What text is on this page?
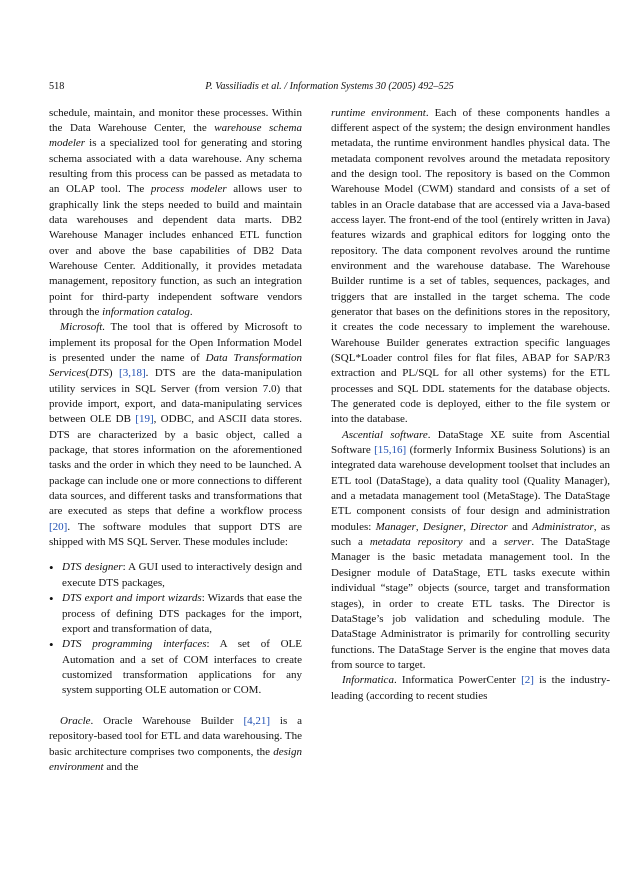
518	P. Vassiliadis et al. / Information Systems 30 (2005) 492–525

schedule, maintain, and monitor these processes. Within the Data Warehouse Center, the warehouse schema modeler is a specialized tool for generating and storing schema associated with a data warehouse. Any schema resulting from this process can be passed as metadata to an OLAP tool. The process modeler allows user to graphically link the steps needed to build and maintain data warehouses and dependent data marts. DB2 Warehouse Manager includes enhanced ETL function over and above the base capabilities of DB2 Data Warehouse Center. Additionally, it provides metadata management, repository function, as such an integration point for third-party independent software vendors through the information catalog.

Microsoft. The tool that is offered by Microsoft to implement its proposal for the Open Information Model is presented under the name of Data Transformation Services(DTS) [3,18]. DTS are the data-manipulation utility services in SQL Server (from version 7.0) that provide import, export, and data-manipulating services between OLE DB [19], ODBC, and ASCII data stores. DTS are characterized by a basic object, called a package, that stores information on the aforementioned tasks and the order in which they need to be launched. A package can include one or more connections to different data sources, and different tasks and transformations that are executed as steps that define a workflow process [20]. The software modules that support DTS are shipped with MS SQL Server. These modules include:

• DTS designer: A GUI used to interactively design and execute DTS packages,
• DTS export and import wizards: Wizards that ease the process of defining DTS packages for the import, export and transformation of data,
• DTS programming interfaces: A set of OLE Automation and a set of COM interfaces to create customized transformation applications for any system supporting OLE automation or COM.

Oracle. Oracle Warehouse Builder [4,21] is a repository-based tool for ETL and data warehousing. The basic architecture comprises two components, the design environment and the

runtime environment. Each of these components handles a different aspect of the system; the design environment handles metadata, the runtime environment handles physical data. The metadata component revolves around the metadata repository and the design tool. The repository is based on the Common Warehouse Model (CWM) standard and consists of a set of tables in an Oracle database that are accessed via a Java-based access layer. The front-end of the tool (entirely written in Java) features wizards and graphical editors for logging onto the repository. The data component revolves around the runtime environment and the warehouse database. The Warehouse Builder runtime is a set of tables, sequences, packages, and triggers that are installed in the target schema. The code generator that bases on the definitions stores in the repository, it creates the code necessary to implement the warehouse. Warehouse Builder generates extraction specific languages (SQL*Loader control files for flat files, ABAP for SAP/R3 extraction and PL/SQL for all other systems) for the ETL processes and SQL DDL statements for the database objects. The generated code is deployed, either to the file system or into the database.

Ascential software. DataStage XE suite from Ascential Software [15,16] (formerly Informix Business Solutions) is an integrated data warehouse development toolset that includes an ETL tool (DataStage), a data quality tool (Quality Manager), and a metadata management tool (MetaStage). The DataStage ETL component consists of four design and administration modules: Manager, Designer, Director and Administrator, as such a metadata repository and a server. The DataStage Manager is the basic metadata management tool. In the Designer module of DataStage, ETL tasks execute within individual “stage” objects (source, target and transformation stages), in order to create ETL tasks. The Director is DataStage’s job validation and scheduling module. The DataStage Administrator is primarily for controlling security functions. The DataStage Server is the engine that moves data from source to target.

Informatica. Informatica PowerCenter [2] is the industry-leading (according to recent studies
